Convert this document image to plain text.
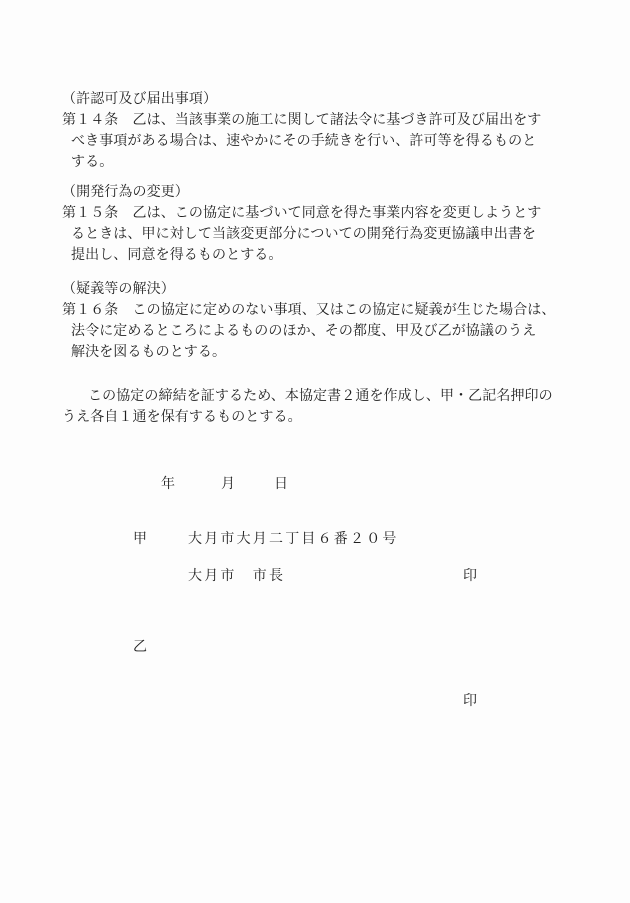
（許認可及び届出事項）
第１４条　乙は、当該事業の施工に関して諸法令に基づき許可及び届出をす
べき事項がある場合は、速やかにその手続きを行い、許可等を得るものと
する。
（開発行為の変更）
第１５条　乙は、この協定に基づいて同意を得た事業内容を変更しようとす
るときは、甲に対して当該変更部分についての開発行為変更協議申出書を
提出し、同意を得るものとする。
（疑義等の解決）
第１６条　この協定に定めのない事項、又はこの協定に疑義が生じた場合は、
法令に定めるところによるもののほか、その都度、甲及び乙が協議のうえ
解決を図るものとする。
この協定の締結を証するため、本協定書２通を作成し、甲・乙記名押印の
うえ各自１通を保有するものとする。
年	月	日
甲	大月市大月二丁目６番２０号
大月市　市長	印
乙
印
